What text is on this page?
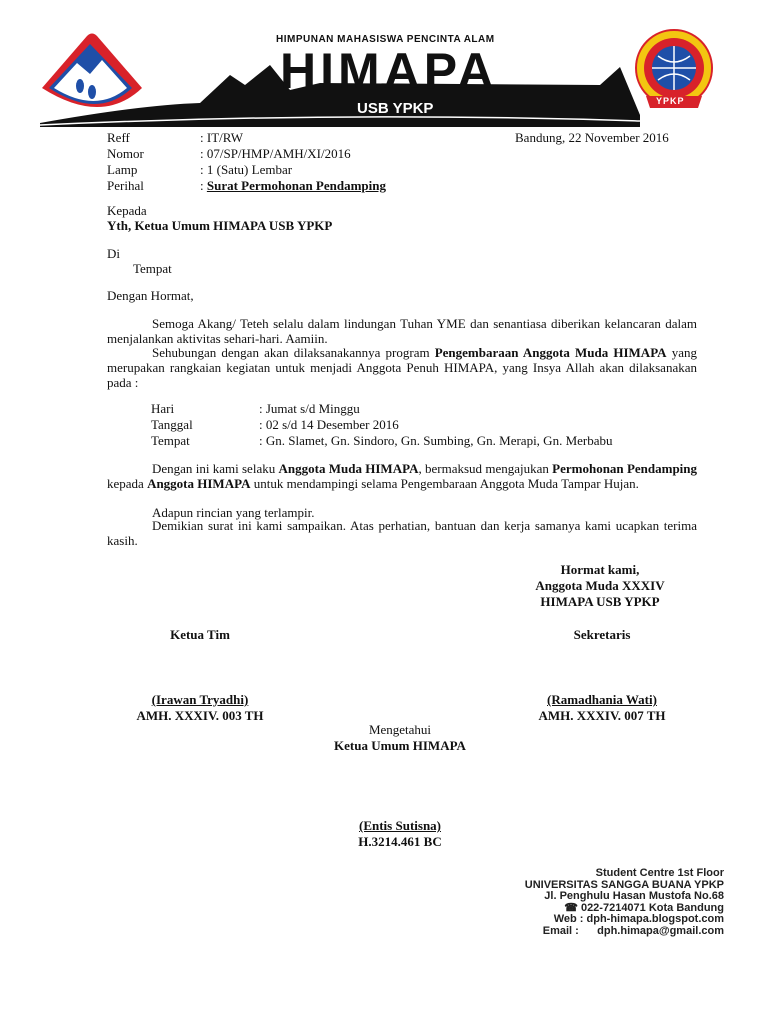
HIMPUNAN MAHASISWA PENCINTA ALAM
HIMAPA
USB YPKP	YPKP
Bandung, 22 November 2016
Reff	: IT/RW
Nomor	: 07/SP/HMP/AMH/XI/2016
Lamp	: 1 (Satu) Lembar
Perihal	: Surat Permohonan Pendamping
Kepada
Yth, Ketua Umum HIMAPA USB YPKP
Di
Tempat
Dengan Hormat,
Semoga Akang/ Teteh selalu dalam lindungan Tuhan YME dan senantiasa diberikan kelancaran dalam menjalankan aktivitas sehari-hari. Aamiin.
Sehubungan dengan akan dilaksanakannya program Pengembaraan Anggota Muda HIMAPA yang merupakan rangkaian kegiatan untuk menjadi Anggota Penuh HIMAPA, yang Insya Allah akan dilaksanakan pada :
Hari	: Jumat s/d Minggu
Tanggal	: 02 s/d 14 Desember 2016
Tempat	: Gn. Slamet, Gn. Sindoro, Gn. Sumbing, Gn. Merapi, Gn. Merbabu
Dengan ini kami selaku Anggota Muda HIMAPA, bermaksud mengajukan Permohonan Pendamping kepada Anggota HIMAPA untuk mendampingi selama Pengembaraan Anggota Muda Tampar Hujan.
Adapun rincian yang terlampir.
Demikian surat ini kami sampaikan. Atas perhatian, bantuan dan kerja samanya kami ucapkan terima kasih.
Hormat kami,
Anggota Muda XXXIV
HIMAPA USB YPKP
Ketua Tim	Sekretaris
(Irawan Tryadhi)
AMH. XXXIV. 003 TH
(Ramadhania Wati)
AMH. XXXIV. 007 TH
Mengetahui
Ketua Umum HIMAPA
(Entis Sutisna)
H.3214.461 BC
Student Centre 1st Floor
UNIVERSITAS SANGGA BUANA YPKP
Jl. Penghulu Hasan Mustofa No.68
☎ 022-7214071 Kota Bandung
Web : dph-himapa.blogspot.com
Email :      dph.himapa@gmail.com
